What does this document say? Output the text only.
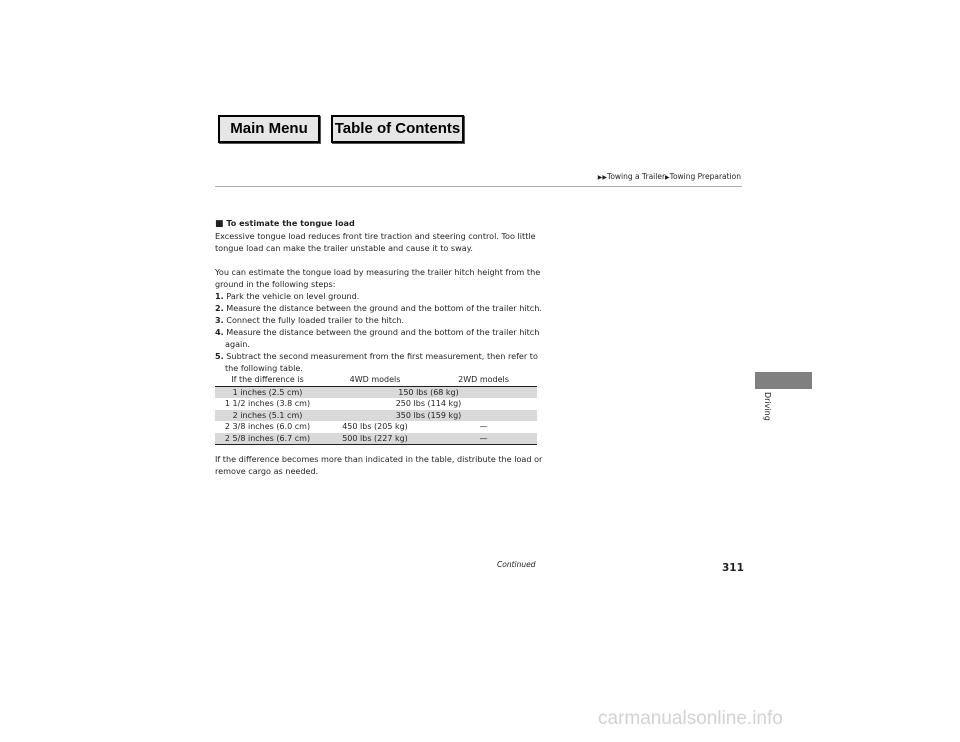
Main Menu	Table of Contents
▶▶Towing a Trailer▶Towing Preparation
■ To estimate the tongue load

Excessive tongue load reduces front tire traction and steering control. Too little tongue load can make the trailer unstable and cause it to sway.

You can estimate the tongue load by measuring the trailer hitch height from the ground in the following steps:

1. Park the vehicle on level ground.
2. Measure the distance between the ground and the bottom of the trailer hitch.
3. Connect the fully loaded trailer to the hitch.
4. Measure the distance between the ground and the bottom of the trailer hitch again.
5. Subtract the second measurement from the first measurement, then refer to the following table.
If the difference is	4WD models	2WD models
1 inches (2.5 cm)	150 lbs (68 kg)	
1 1/2 inches (3.8 cm)	250 lbs (114 kg)	
2 inches (5.1 cm)	350 lbs (159 kg)	
2 3/8 inches (6.0 cm)	450 lbs (205 kg)	—
2 5/8 inches (6.7 cm)	500 lbs (227 kg)	—

If the difference becomes more than indicated in the table, distribute the load or remove cargo as needed.

Driving
Continued	311
carmanualsonline.info
